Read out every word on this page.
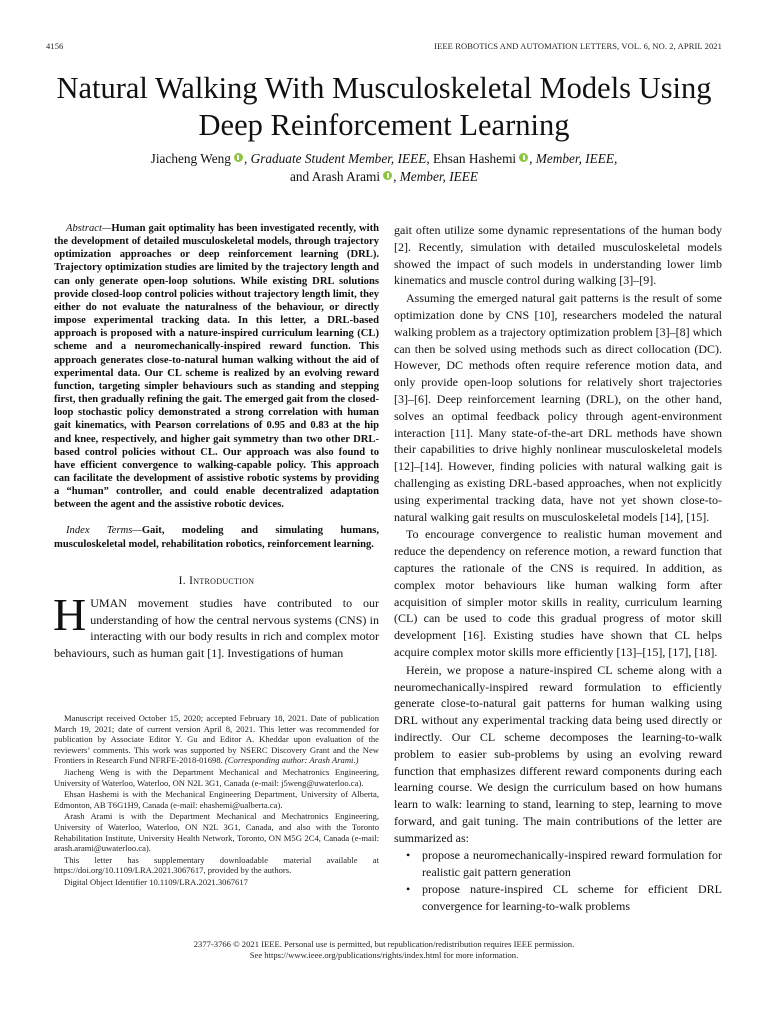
4156	IEEE ROBOTICS AND AUTOMATION LETTERS, VOL. 6, NO. 2, APRIL 2021
Natural Walking With Musculoskeletal Models Using
Deep Reinforcement Learning
Jiacheng Weng , Graduate Student Member, IEEE, Ehsan Hashemi , Member, IEEE,
and Arash Arami , Member, IEEE

Abstract—Human gait optimality has been investigated recently, with the development of detailed musculoskeletal models, through trajectory optimization approaches or deep reinforcement learning (DRL). Trajectory optimization studies are limited by the trajectory length and can only generate open-loop solutions. While existing DRL solutions provide closed-loop control policies without trajectory length limit, they either do not evaluate the naturalness of the behaviour, or directly impose experimental tracking data. In this letter, a DRL-based approach is proposed with a nature-inspired curriculum learning (CL) scheme and a neuromechanically-inspired reward function. This approach generates close-to-natural human walking without the aid of experimental data. Our CL scheme is realized by an evolving reward function, targeting simpler behaviours such as standing and stepping first, then gradually refining the gait. The emerged gait from the closed-loop stochastic policy demonstrated a strong correlation with human gait kinematics, with Pearson correlations of 0.95 and 0.83 at the hip and knee, respectively, and higher gait symmetry than two other DRL-based control policies without CL. Our approach was also found to have efficient convergence to walking-capable policy. This approach can facilitate the development of assistive robotic systems by providing a “human” controller, and could enable decentralized adaptation between the agent and the assistive robotic devices.

Index Terms—Gait, modeling and simulating humans, musculoskeletal model, rehabilitation robotics, reinforcement learning.

I. Introduction

HUMAN movement studies have contributed to our understanding of how the central nervous systems (CNS) in interacting with our body results in rich and complex motor behaviours, such as human gait [1]. Investigations of human

Manuscript received October 15, 2020; accepted February 18, 2021. Date of publication March 19, 2021; date of current version April 8, 2021. This letter was recommended for publication by Associate Editor Y. Gu and Editor A. Kheddar upon evaluation of the reviewers’ comments. This work was supported by NSERC Discovery Grant and the New Frontiers in Research Fund NFRFE-2018-01698. (Corresponding author: Arash Arami.)

Jiacheng Weng is with the Department Mechanical and Mechatronics Engineering, University of Waterloo, Waterloo, ON N2L 3G1, Canada (e-mail: j5weng@uwaterloo.ca).

Ehsan Hashemi is with the Mechanical Engineering Department, University of Alberta, Edmonton, AB T6G1H9, Canada (e-mail: ehashemi@ualberta.ca).

Arash Arami is with the Department Mechanical and Mechatronics Engineering, University of Waterloo, Waterloo, ON N2L 3G1, Canada, and also with the Toronto Rehabilitation Institute, University Health Network, Toronto, ON M5G 2C4, Canada (e-mail: arash.arami@uwaterloo.ca).

This letter has supplementary downloadable material available at https://doi.org/10.1109/LRA.2021.3067617, provided by the authors.

Digital Object Identifier 10.1109/LRA.2021.3067617

gait often utilize some dynamic representations of the human body [2]. Recently, simulation with detailed musculoskeletal models showed the impact of such models in understanding lower limb kinematics and muscle control during walking [3]–[9].

Assuming the emerged natural gait patterns is the result of some optimization done by CNS [10], researchers modeled the natural walking problem as a trajectory optimization problem [3]–[8] which can then be solved using methods such as direct collocation (DC). However, DC methods often require reference motion data, and only provide open-loop solutions for relatively short trajectories [3]–[6]. Deep reinforcement learning (DRL), on the other hand, solves an optimal feedback policy through agent-environment interaction [11]. Many state-of-the-art DRL methods have shown their capabilities to drive highly nonlinear musculoskeletal models [12]–[14]. However, finding policies with natural walking gait is challenging as existing DRL-based approaches, when not explicitly using experimental tracking data, have not yet shown close-to-natural walking gait results on musculoskeletal models [14], [15].

To encourage convergence to realistic human movement and reduce the dependency on reference motion, a reward function that captures the rationale of the CNS is required. In addition, as complex motor behaviours like human walking form after acquisition of simpler motor skills in reality, curriculum learning (CL) can be used to code this gradual progress of motor skill development [16]. Existing studies have shown that CL helps acquire complex motor skills more efficiently [13]–[15], [17], [18].

Herein, we propose a nature-inspired CL scheme along with a neuromechanically-inspired reward formulation to efficiently generate close-to-natural gait patterns for human walking using DRL without any experimental tracking data being used directly or indirectly. Our CL scheme decomposes the learning-to-walk problem to easier sub-problems by using an evolving reward function that emphasizes different reward components during each learning course. We design the curriculum based on how humans learn to walk: learning to stand, learning to step, learning to move forward, and gait tuning. The main contributions of the letter are summarized as:

• propose a neuromechanically-inspired reward formulation for realistic gait pattern generation
• propose nature-inspired CL scheme for efficient DRL convergence for learning-to-walk problems
2377-3766 © 2021 IEEE. Personal use is permitted, but republication/redistribution requires IEEE permission.
See https://www.ieee.org/publications/rights/index.html for more information.
